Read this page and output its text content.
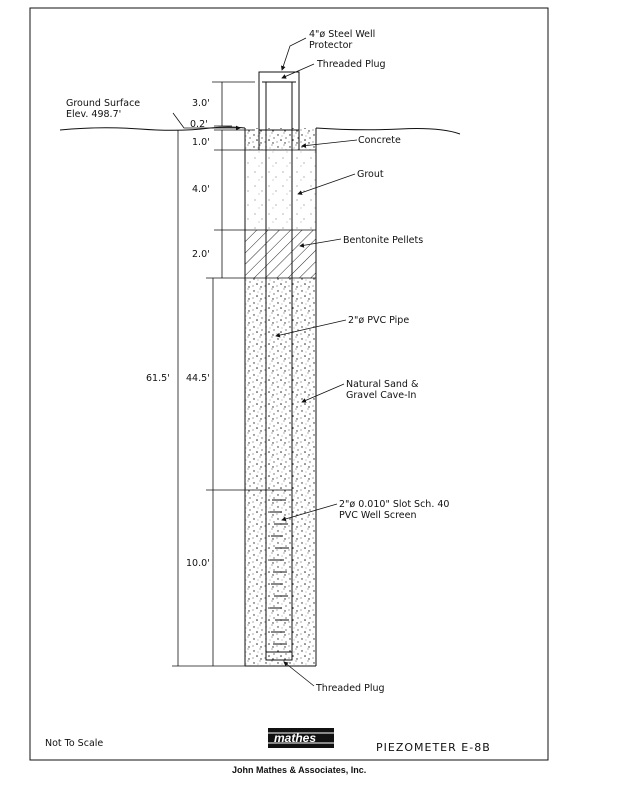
3.0'
0.2'
1.0'
4.0'
2.0'
44.5'
61.5'
10.0'
4"ø Steel Well
Protector
Threaded Plug
Ground Surface
Elev. 498.7'
Concrete
Grout
Bentonite Pellets
2"ø PVC Pipe
Natural Sand &
Gravel Cave-In
2"ø 0.010" Slot Sch. 40
PVC Well Screen
Threaded Plug
Not To Scale	mathes
PIEZOMETER E-8B
John Mathes & Associates, Inc.
